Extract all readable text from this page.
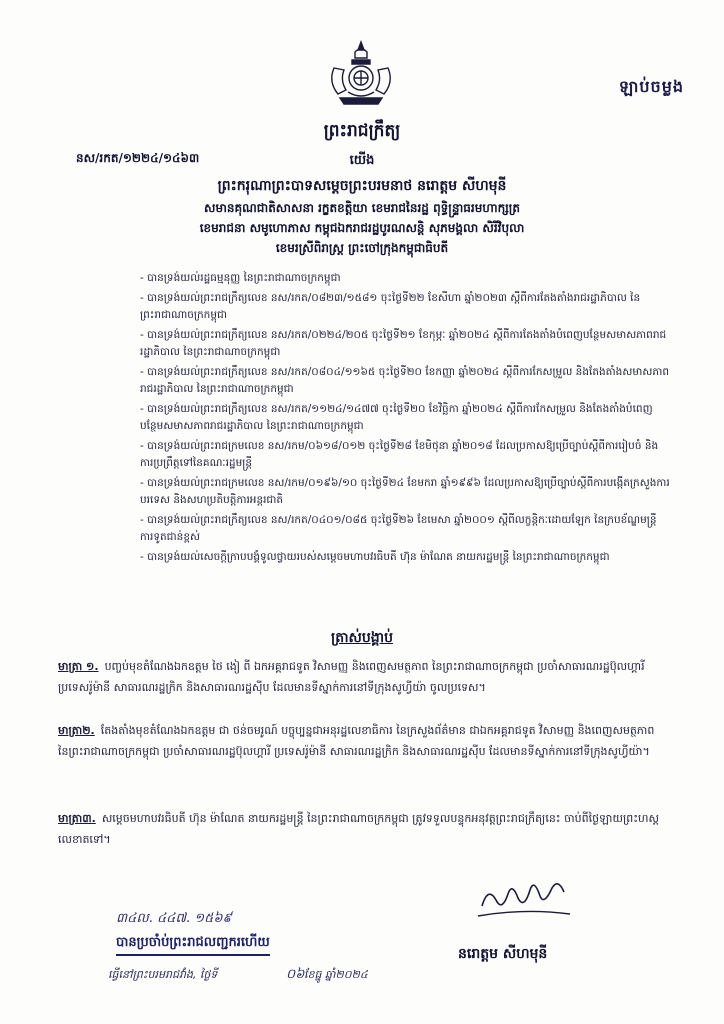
ឡាប់ចម្លង
ព្រះរាជក្រឹត្យ
នស/រកត/១២២៤/១៤៦៣	យើង
ព្រះករុណាព្រះបាទសម្តេចព្រះបរមនាថ នរោត្តម សីហមុនី
សមានគុណជាតិសាសនា រក្ខតខត្តិយា ខេមរាជនៃរដ្ឋ ពុទ្ធិន្រ្ទាធរមហាក្សត្រ
ខេមរាជនា សមូហោភាស កម្ពុជឯករាជរដ្ឋបូរណសន្តិ សុភមង្គលា សិរីវិបុលា
ខេមរស្រីពិរាស្ត្រ ព្រះចៅក្រុងកម្ពុជាធិបតី
- បានទ្រង់យល់រដ្ឋធម្មនុញ្ញ នៃព្រះរាជាណាចក្រកម្ពុជា
- បានទ្រង់យល់ព្រះរាជក្រឹត្យលេខ នស/រកត/០៨២៣/១៥៨១ ចុះថ្ងៃទី២២ ខែសីហា ឆ្នាំ២០២៣ ស្តីពីការតែងតាំងរាជរដ្ឋាភិបាល នៃព្រះរាជាណាចក្រកម្ពុជា
- បានទ្រង់យល់ព្រះរាជក្រឹត្យលេខ នស/រកត/០២២៤/២០៥ ចុះថ្ងៃទី២១ ខែកុម្ភៈ ឆ្នាំ២០២៤ ស្តីពីការតែងតាំងបំពេញបន្ថែមសមាសភាពរាជរដ្ឋាភិបាល នៃព្រះរាជាណាចក្រកម្ពុជា
- បានទ្រង់យល់ព្រះរាជក្រឹត្យលេខ នស/រកត/០៨០៤/១១៦៥ ចុះថ្ងៃទី២០ ខែកញ្ញា ឆ្នាំ២០២៤ ស្តីពីការកែសម្រួល និងតែងតាំងសមាសភាពរាជរដ្ឋាភិបាល នៃព្រះរាជាណាចក្រកម្ពុជា
- បានទ្រង់យល់ព្រះរាជក្រឹត្យលេខ នស/រកត/១១២៤/១៤៧៧ ចុះថ្ងៃទី២០ ខែវិច្ឆិកា ឆ្នាំ២០២៤ ស្តីពីការកែសម្រួល និងតែងតាំងបំពេញបន្ថែមសមាសភាពរាជរដ្ឋាភិបាល នៃព្រះរាជាណាចក្រកម្ពុជា
- បានទ្រង់យល់ព្រះរាជក្រមលេខ នស/រកម/០៦១៨/០១២ ចុះថ្ងៃទី២៨ ខែមិថុនា ឆ្នាំ២០១៨ ដែលប្រកាសឱ្យប្រើច្បាប់ស្តីពីការរៀបចំ និងការប្រព្រឹត្តទៅនៃគណៈរដ្ឋមន្ត្រី
- បានទ្រង់យល់ព្រះរាជក្រមលេខ នស/រកម/០១៩៦/១០ ចុះថ្ងៃទី២៤ ខែមករា ឆ្នាំ១៩៩៦ ដែលប្រកាសឱ្យប្រើច្បាប់ស្តីពីការបង្កើតក្រសួងការបរទេស និងសហប្រតិបត្តិការអន្តរជាតិ
- បានទ្រង់យល់ព្រះរាជក្រឹត្យលេខ នស/រកត/០៤០១/០៨៥ ចុះថ្ងៃទី២៦ ខែមេសា ឆ្នាំ២០០១ ស្តីពីលក្ខន្តិកៈដោយឡែក នៃក្របខ័ណ្ឌមន្ត្រីការទូតជាន់ខ្ពស់
- បានទ្រង់យល់សេចក្តីក្រាបបង្គំទូលថ្វាយរបស់សម្តេចមហាបវរធិបតី ហ៊ុន ម៉ាណែត នាយករដ្ឋមន្ត្រី នៃព្រះរាជាណាចក្រកម្ពុជា
ត្រាស់បង្គាប់
មាត្រា ១. បញ្ចប់មុខតំណែងឯកឧត្តម ថៃ ងៀ ពី ឯកអគ្គរាជទូត វិសាមញ្ញ និងពេញសមត្ថភាព នៃព្រះរាជាណាចក្រកម្ពុជា ប្រចាំសាធារណរដ្ឋប៊ុលហ្គារី ប្រទេសរ៉ូម៉ានី សាធារណរដ្ឋក្រិក និងសាធារណរដ្ឋស៊ីប ដែលមានទីស្នាក់ការនៅទីក្រុងសូហ្វីយ៉ា ចូលប្រទេស។
មាត្រា២. តែងតាំងមុខតំណែងឯកឧត្តម ជា ថន់ចមរូណ៍ បច្ចុប្បន្នជាអនុរដ្ឋលេខាធិការ នៃក្រសួងព័ត៌មាន ជាឯកអគ្គរាជទូត វិសាមញ្ញ និងពេញសមត្ថភាព នៃព្រះរាជាណាចក្រកម្ពុជា ប្រចាំសាធារណរដ្ឋប៊ុលហ្គារី ប្រទេសរ៉ូម៉ានី សាធារណរដ្ឋក្រិក និងសាធារណរដ្ឋស៊ីប ដែលមានទីស្នាក់ការនៅទីក្រុងសូហ្វីយ៉ា។
មាត្រា៣. សម្តេចមហាបវរធិបតី ហ៊ុន ម៉ាណែត នាយករដ្ឋមន្ត្រី នៃព្រះរាជាណាចក្រកម្ពុជា ត្រូវទទួលបន្ទុកអនុវត្តព្រះរាជក្រឹត្យនេះ ចាប់ពីថ្ងៃឡាយព្រះហស្តលេខាតទៅ។
៣៤ល. ៤៤៧. ១៥៦៩
បានប្រចាំប់ព្រះរាជលញ្ជករហើយ
នរោត្តម សីហមុនី
ធ្វើនៅព្រះបរមរាជវាំង, ថ្ងៃទី	០៦ ខែធ្នូ ឆ្នាំ២០២៤
